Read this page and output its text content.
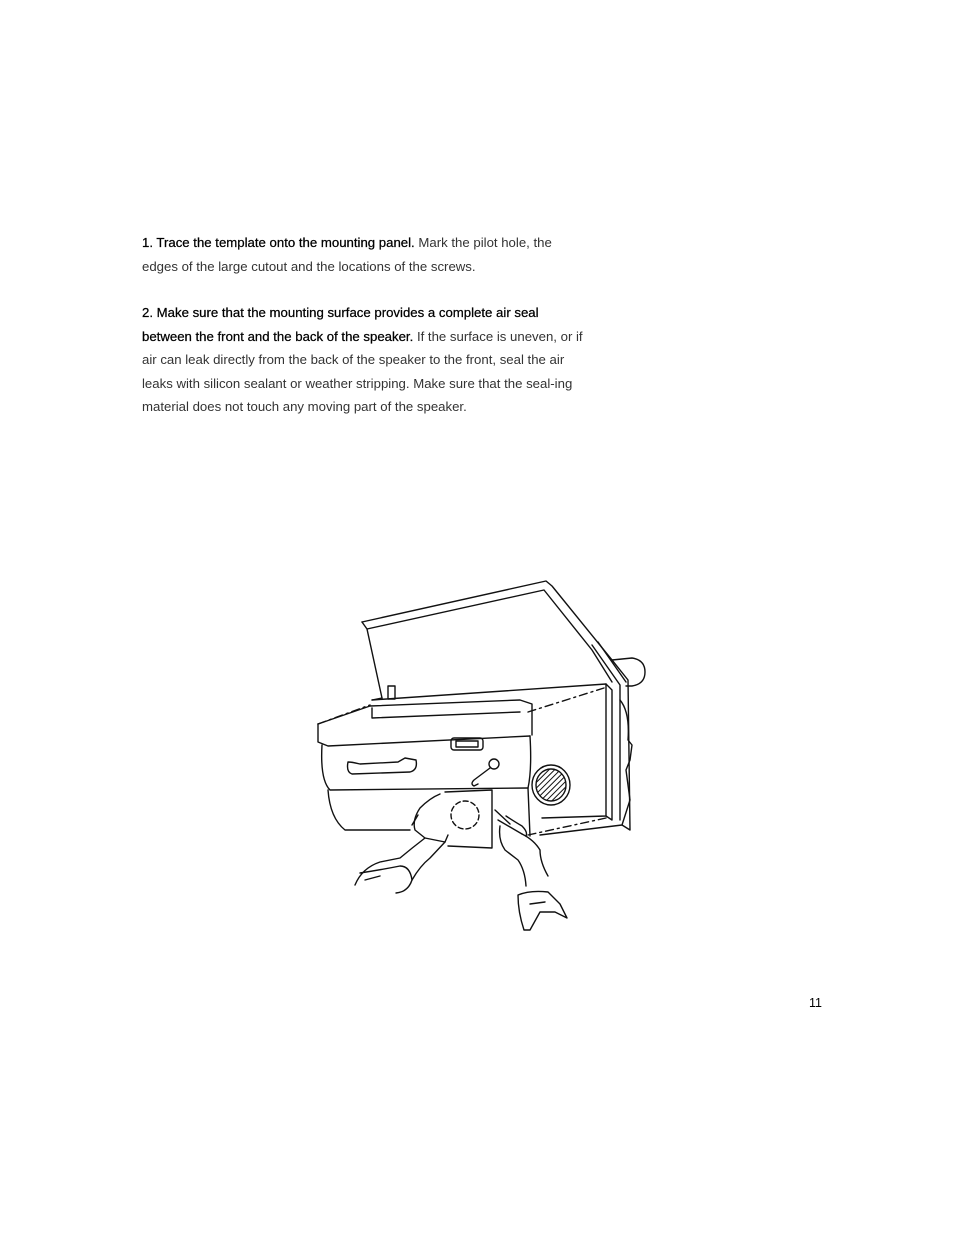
1. Trace the template onto the mounting panel. Mark the pilot hole, the edges of the large cutout and the locations of the screws.

2. Make sure that the mounting surface provides a complete air seal between the front and the back of the speaker. If the surface is uneven, or if air can leak directly from the back of the speaker to the front, seal the air leaks with silicon sealant or weather stripping. Make sure that the seal-ing material does not touch any moving part of the speaker.

11
